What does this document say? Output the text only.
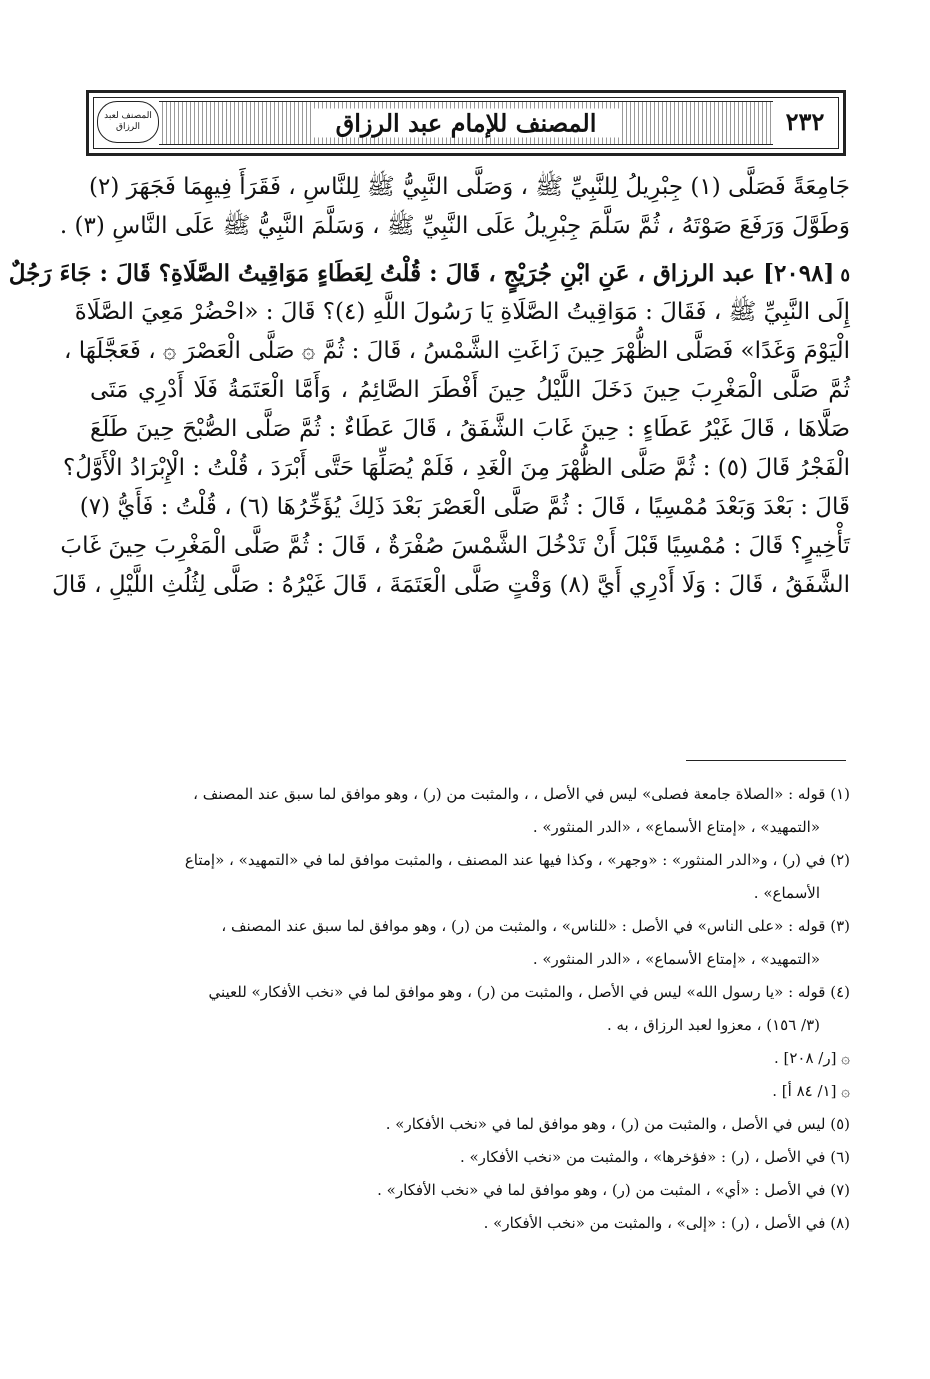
المصنف للإمام عبد الرزاق	٢٣٢
المصنف لعبد الرزاق
جَامِعَةً فَصَلَّى (١) جِبْرِيلُ لِلنَّبِيِّ ﷺ ، وَصَلَّى النَّبِيُّ ﷺ لِلنَّاسِ ، فَقَرَأَ فِيهِمَا فَجَهَرَ (٢)
وَطَوَّلَ وَرَفَعَ صَوْتَهُ ، ثُمَّ سَلَّمَ جِبْرِيلُ عَلَى النَّبِيِّ ﷺ ، وَسَلَّمَ النَّبِيُّ ﷺ عَلَى النَّاسِ (٣) .
٥[٢٠٩٨] عبد الرزاق ، عَنِ ابْنِ جُرَيْجٍ ، قَالَ : قُلْتُ لِعَطَاءٍ مَوَاقِيتُ الصَّلَاةِ؟ قَالَ : جَاءَ رَجُلٌ
إِلَى النَّبِيِّ ﷺ ، فَقَالَ : مَوَاقِيتُ الصَّلَاةِ يَا رَسُولَ اللَّهِ (٤)؟ قَالَ : «احْضُرْ مَعِيَ الصَّلَاةَ
الْيَوْمَ وَغَدًا» فَصَلَّى الظُّهْرَ حِينَ زَاغَتِ الشَّمْسُ ، قَالَ : ثُمَّ ۞ صَلَّى الْعَصْرَ ۞ ، فَعَجَّلَهَا ،
ثُمَّ صَلَّى الْمَغْرِبَ حِينَ دَخَلَ اللَّيْلُ حِينَ أَفْطَرَ الصَّائِمُ ، وَأَمَّا الْعَتَمَةُ فَلَا أَدْرِي مَتَى
صَلَّاهَا ، قَالَ غَيْرُ عَطَاءٍ : حِينَ غَابَ الشَّفَقُ ، قَالَ عَطَاءٌ : ثُمَّ صَلَّى الصُّبْحَ حِينَ طَلَعَ
الْفَجْرُ قَالَ (٥) : ثُمَّ صَلَّى الظُّهْرَ مِنَ الْغَدِ ، فَلَمْ يُصَلِّهَا حَتَّى أَبْرَدَ ، قُلْتُ : الْإِبْرَادُ الْأَوَّلُ؟
قَالَ : بَعْدَ وَبَعْدَ مُمْسِيًا ، قَالَ : ثُمَّ صَلَّى الْعَصْرَ بَعْدَ ذَلِكَ يُؤَخِّرُهَا (٦) ، قُلْتُ : فَأَيُّ (٧)
تَأْخِيرٍ؟ قَالَ : مُمْسِيًا قَبْلَ أَنْ تَدْخُلَ الشَّمْسَ صُفْرَةٌ ، قَالَ : ثُمَّ صَلَّى الْمَغْرِبَ حِينَ غَابَ
الشَّفَقُ ، قَالَ : وَلَا أَدْرِي أَيَّ (٨) وَقْتٍ صَلَّى الْعَتَمَةَ ، قَالَ غَيْرُهُ : صَلَّى لِثُلُثِ اللَّيْلِ ، قَالَ
(١) قوله : «الصلاة جامعة فصلى» ليس في الأصل ، ، والمثبت من (ر) ، وهو موافق لما سبق عند المصنف ،
«التمهيد» ، «إمتاع الأسماع» ، «الدر المنثور» .
(٢) في (ر) ، و«الدر المنثور» : «وجهر» ، وكذا فيها عند المصنف ، والمثبت موافق لما في «التمهيد» ، «إمتاع
الأسماع» .
(٣) قوله : «على الناس» في الأصل : «للناس» ، والمثبت من (ر) ، وهو موافق لما سبق عند المصنف ،
«التمهيد» ، «إمتاع الأسماع» ، «الدر المنثور» .
(٤) قوله : «يا رسول الله» ليس في الأصل ، والمثبت من (ر) ، وهو موافق لما في «نخب الأفكار» للعيني
(٣/ ١٥٦) ، معزوا لعبد الرزاق ، به .
۞ [ر/ ٢٠٨] .
۞ [١/ ٨٤ أ] .
(٥) ليس في الأصل ، والمثبت من (ر) ، وهو موافق لما في «نخب الأفكار» .
(٦) في الأصل ، (ر) : «فؤخرها» ، والمثبت من «نخب الأفكار» .
(٧) في الأصل : «أي» ، المثبت من (ر) ، وهو موافق لما في «نخب الأفكار» .
(٨) في الأصل ، (ر) : «إلى» ، والمثبت من «نخب الأفكار» .
